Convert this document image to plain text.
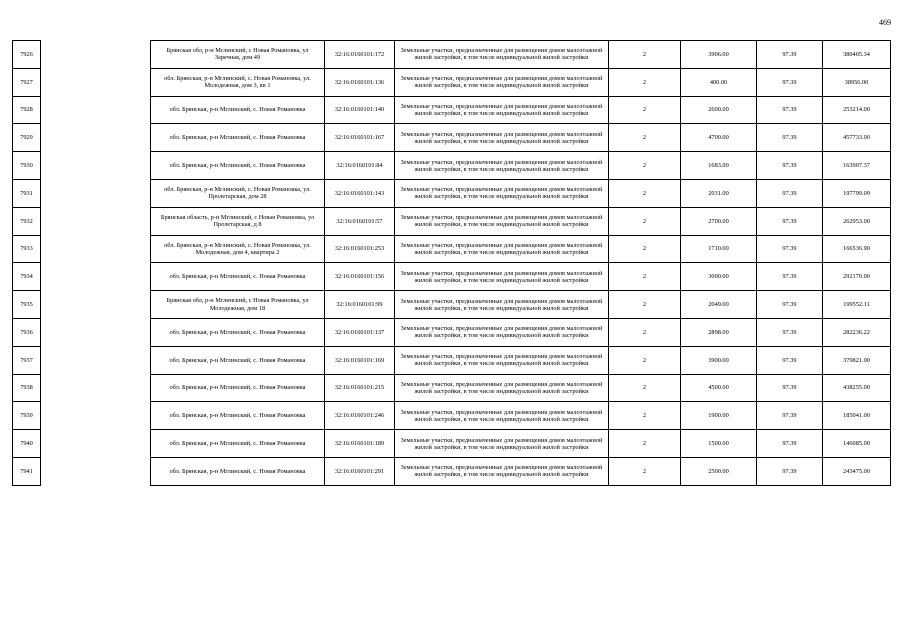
469
7926		Брянская обл, р-н Мглинский, с Новая Романовка, ул Заречная, дом 49	32:16:0160101:172	Земельные участки, предназначенные для размещения домов малоэтажной жилой застройки, в том числе индивидуальной жилой застройки	2	3906.00	97.39	380405.34
7927		обл. Брянская, р-н Мглинский, с. Новая Романовка, ул. Молодежная, дом 3, кв 1	32:16:0160101:136	Земельные участки, предназначенные для размещения домов малоэтажной жилой застройки, в том числе индивидуальной жилой застройки	2	400.00	97.39	38956.00
7928		обл. Брянская, р-н Мглинский, с. Новая Романовка	32:16:0160101:140	Земельные участки, предназначенные для размещения домов малоэтажной жилой застройки, в том числе индивидуальной жилой застройки	2	2600.00	97.39	253214.00
7929		обл. Брянская, р-н Мглинский, с. Новая Романовка	32:16:0160101:167	Земельные участки, предназначенные для размещения домов малоэтажной жилой застройки, в том числе индивидуальной жилой застройки	2	4700.00	97.39	457733.00
7930		обл. Брянская, р-н Мглинский, с. Новая Романовка	32:16:0160101:84	Земельные участки, предназначенные для размещения домов малоэтажной жилой застройки, в том числе индивидуальной жилой застройки	2	1683.00	97.39	163907.37
7931		обл. Брянская, р-н Мглинский, с. Новая Романовка, ул. Пролетарская, дом 28	32:16:0160101:143	Земельные участки, предназначенные для размещения домов малоэтажной жилой застройки, в том числе индивидуальной жилой застройки	2	2031.00	97.39	197799.09
7932		Брянская область, р-н Мглинский, с Новая Романовка, ул Пролетарская, д 8	32:16:0160101:57	Земельные участки, предназначенные для размещения домов малоэтажной жилой застройки, в том числе индивидуальной жилой застройки	2	2700.00	97.39	262953.00
7933		обл. Брянская, р-н Мглинский, с. Новая Романовка, ул. Молодежная, дом 4, квартира 2	32:16:0160101:253	Земельные участки, предназначенные для размещения домов малоэтажной жилой застройки, в том числе индивидуальной жилой застройки	2	1710.00	97.39	166536.90
7934		обл. Брянская, р-н Мглинский, с. Новая Романовка	32:16:0160101:156	Земельные участки, предназначенные для размещения домов малоэтажной жилой застройки, в том числе индивидуальной жилой застройки	2	3000.00	97.39	292170.00
7935		Брянская обл, р-н Мглинский, с Новая Романовка, ул Молодежная, дом 18	32:16:0160101:99	Земельные участки, предназначенные для размещения домов малоэтажной жилой застройки, в том числе индивидуальной жилой застройки	2	2049.00	97.39	199552.11
7936		обл. Брянская, р-н Мглинский, с. Новая Романовка	32:16:0160101:137	Земельные участки, предназначенные для размещения домов малоэтажной жилой застройки, в том числе индивидуальной жилой застройки	2	2898.00	97.39	282236.22
7937		обл. Брянская, р-н Мглинский, с. Новая Романовка	32:16:0160101:169	Земельные участки, предназначенные для размещения домов малоэтажной жилой застройки, в том числе индивидуальной жилой застройки	2	3900.00	97.39	379821.00
7938		обл. Брянская, р-н Мглинский, с. Новая Романовка	32:16:0160101:215	Земельные участки, предназначенные для размещения домов малоэтажной жилой застройки, в том числе индивидуальной жилой застройки	2	4500.00	97.39	438255.00
7939		обл. Брянская, р-н Мглинский, с. Новая Романовка	32:16:0160101:246	Земельные участки, предназначенные для размещения домов малоэтажной жилой застройки, в том числе индивидуальной жилой застройки	2	1900.00	97.39	185041.00
7940		обл. Брянская, р-н Мглинский, с. Новая Романовка	32:16:0160101:189	Земельные участки, предназначенные для размещения домов малоэтажной жилой застройки, в том числе индивидуальной жилой застройки	2	1500.00	97.39	146085.00
7941		обл. Брянская, р-н Мглинский, с. Новая Романовка	32:16:0160101:291	Земельные участки, предназначенные для размещения домов малоэтажной жилой застройки, в том числе индивидуальной жилой застройки	2	2500.00	97.39	243475.00
